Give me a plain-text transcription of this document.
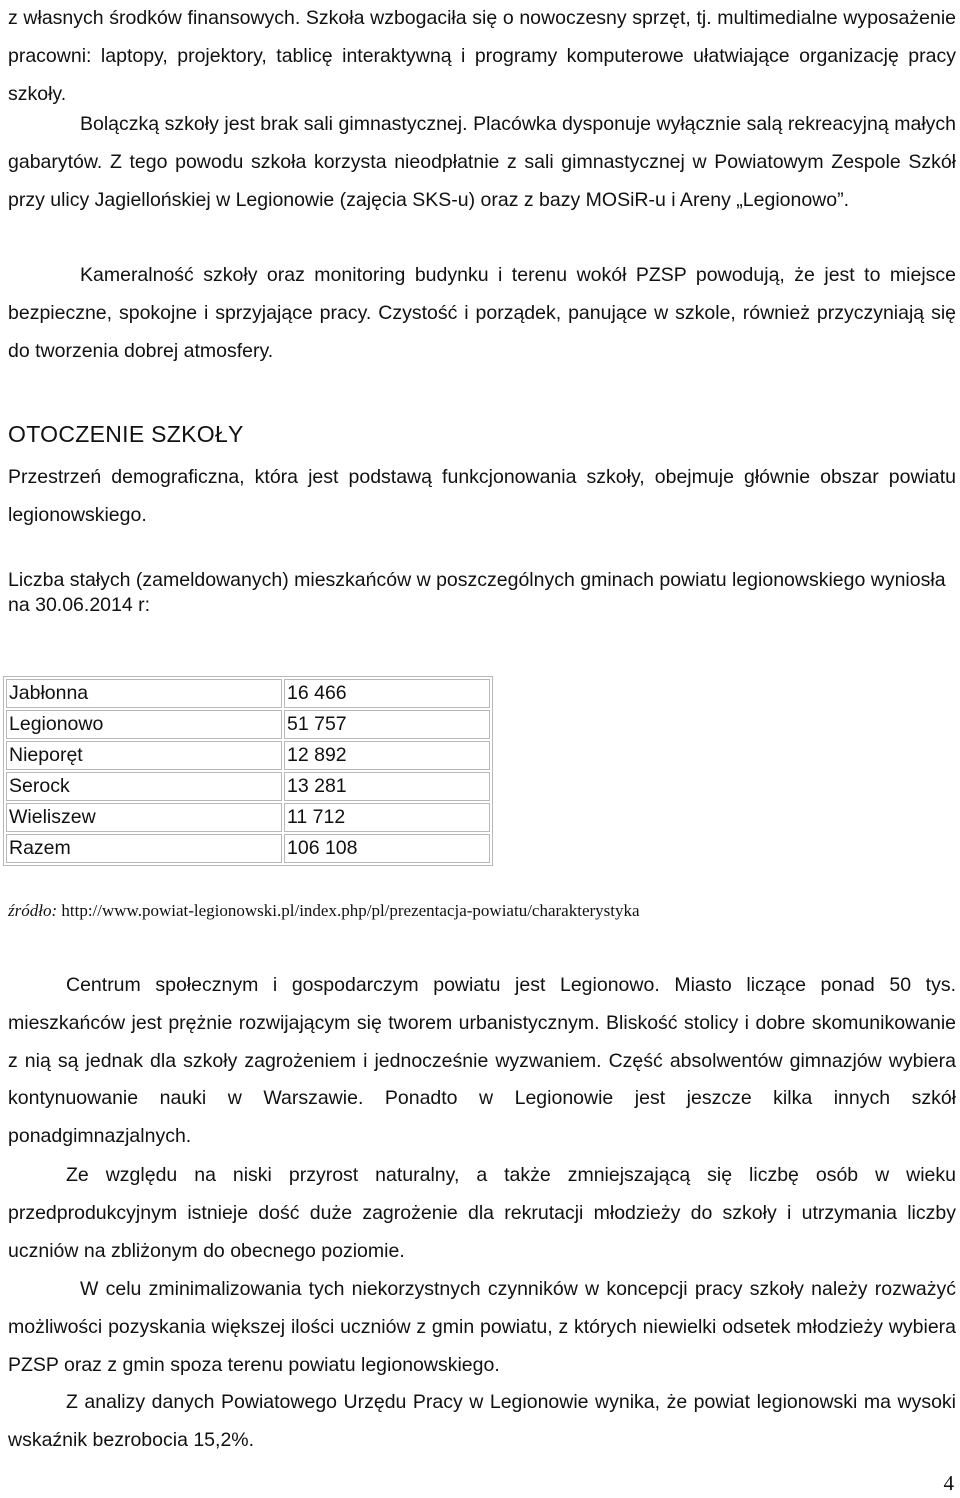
z własnych środków finansowych. Szkoła wzbogaciła się o nowoczesny sprzęt, tj. multimedialne wyposażenie pracowni: laptopy, projektory, tablicę interaktywną i programy komputerowe ułatwiające organizację pracy szkoły.

Bolączką szkoły jest brak sali gimnastycznej. Placówka dysponuje wyłącznie salą rekreacyjną małych gabarytów. Z tego powodu szkoła korzysta nieodpłatnie z sali gimnastycznej w Powiatowym Zespole Szkół przy ulicy Jagiellońskiej w Legionowie (zajęcia SKS-u) oraz z bazy MOSiR-u i Areny „Legionowo”.

Kameralność szkoły oraz monitoring budynku i terenu wokół PZSP powodują, że jest to miejsce bezpieczne, spokojne i sprzyjające pracy. Czystość i porządek, panujące w szkole, również przyczyniają się do tworzenia dobrej atmosfery.

OTOCZENIE SZKOŁY

Przestrzeń demograficzna, która jest podstawą funkcjonowania szkoły, obejmuje głównie obszar powiatu legionowskiego.

Liczba stałych (zameldowanych) mieszkańców w poszczególnych gminach powiatu legionowskiego wyniosła na 30.06.2014 r:

Jabłonna	16 466
Legionowo	51 757
Nieporęt	12 892
Serock	13 281
Wieliszew	11 712
Razem	106 108
źródło: http://www.powiat-legionowski.pl/index.php/pl/prezentacja-powiatu/charakterystyka

Centrum społecznym i gospodarczym powiatu jest Legionowo. Miasto liczące ponad 50 tys. mieszkańców jest prężnie rozwijającym się tworem urbanistycznym. Bliskość stolicy i dobre skomunikowanie z nią są jednak dla szkoły zagrożeniem i jednocześnie wyzwaniem. Część absolwentów gimnazjów wybiera kontynuowanie nauki w Warszawie. Ponadto w Legionowie jest jeszcze kilka innych szkół ponadgimnazjalnych.

Ze względu na niski przyrost naturalny, a także zmniejszającą się liczbę osób w wieku przedprodukcyjnym istnieje dość duże zagrożenie dla rekrutacji młodzieży do szkoły i utrzymania liczby uczniów na zbliżonym do obecnego poziomie.

W celu zminimalizowania tych niekorzystnych czynników w koncepcji pracy szkoły należy rozważyć możliwości pozyskania większej ilości uczniów z gmin powiatu, z których niewielki odsetek młodzieży wybiera PZSP oraz z gmin spoza terenu powiatu legionowskiego.

Z analizy danych Powiatowego Urzędu Pracy w Legionowie wynika, że powiat legionowski ma wysoki wskaźnik bezrobocia 15,2%.

4
